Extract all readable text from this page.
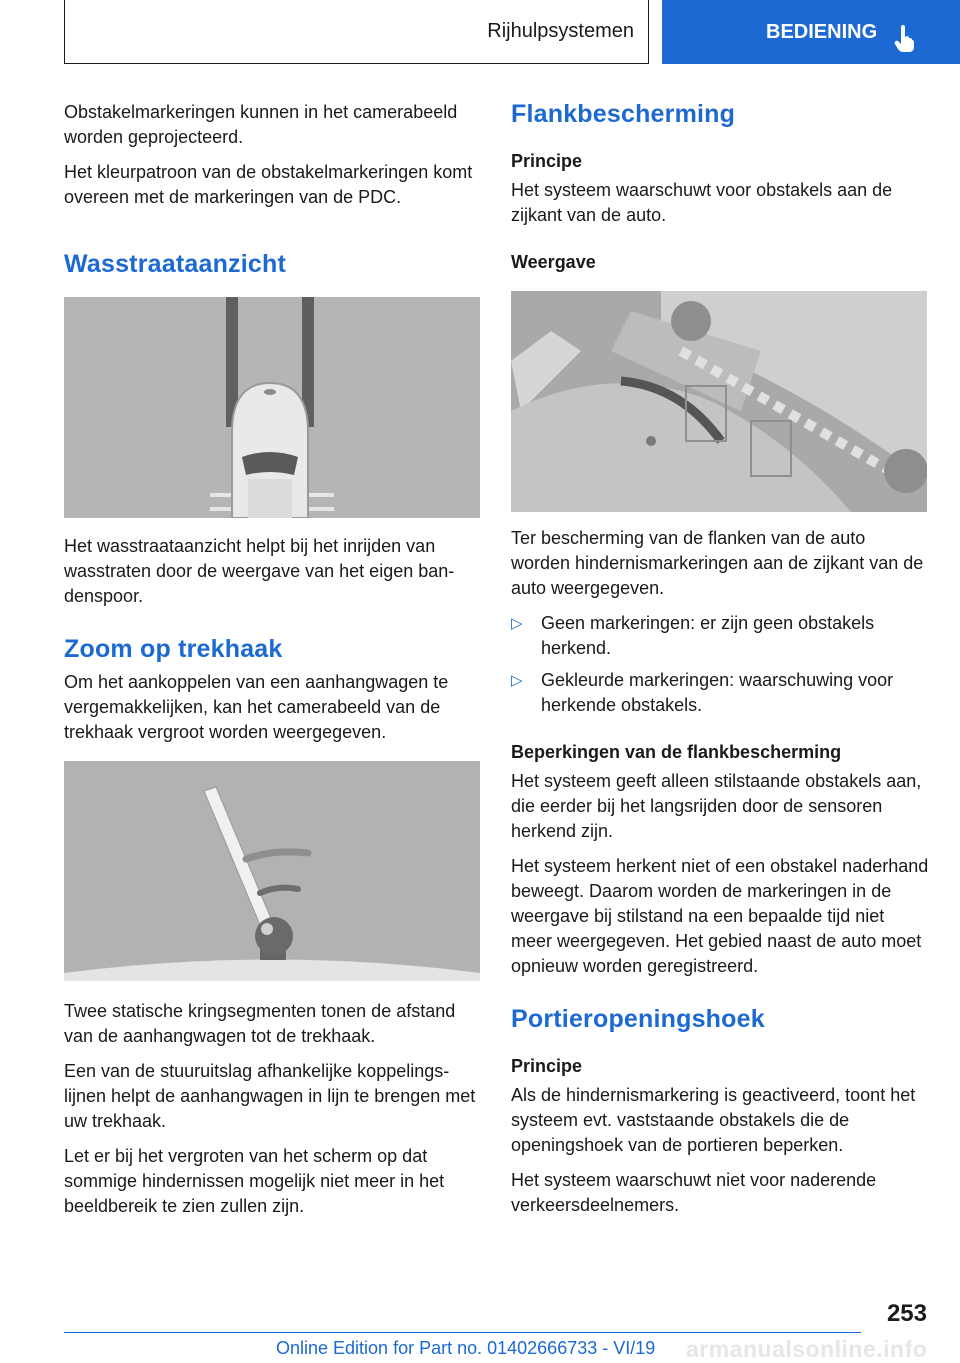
Rijhulpsystemen	BEDIENING

Obstakelmarkeringen kunnen in het camerabeeld worden geprojecteerd.

Het kleurpatroon van de obstakelmarkeringen komt overeen met de markeringen van de PDC.

Wasstraataanzicht

Het wasstraataanzicht helpt bij het inrijden van wasstraten door de weergave van het eigen bandenspoor.

Zoom op trekhaak

Om het aankoppelen van een aanhangwagen te vergemakkelijken, kan het camerabeeld van de trekhaak vergroot worden weergegeven.

Twee statische kringsegmenten tonen de afstand van de aanhangwagen tot de trekhaak.

Een van de stuuruitslag afhankelijke koppelingslijnen helpt de aanhangwagen in lijn te brengen met uw trekhaak.

Let er bij het vergroten van het scherm op dat sommige hindernissen mogelijk niet meer in het beeldbereik te zien zullen zijn.

Flankbescherming
Principe

Het systeem waarschuwt voor obstakels aan de zijkant van de auto.

Weergave

Ter bescherming van de flanken van de auto worden hindernismarkeringen aan de zijkant van de auto weergegeven.

▷ Geen markeringen: er zijn geen obstakels herkend.
▷ Gekleurde markeringen: waarschuwing voor herkende obstakels.
Beperkingen van de flankbescherming

Het systeem geeft alleen stilstaande obstakels aan, die eerder bij het langsrijden door de sensoren herkend zijn.

Het systeem herkent niet of een obstakel naderhand beweegt. Daarom worden de markeringen in de weergave bij stilstand na een bepaalde tijd niet meer weergegeven. Het gebied naast de auto moet opnieuw worden geregistreerd.

Portieropeningshoek
Principe

Als de hindernismarkering is geactiveerd, toont het systeem evt. vaststaande obstakels die de openingshoek van de portieren beperken.

Het systeem waarschuwt niet voor naderende verkeersdeelnemers.

253
armanualsonline.info
Online Edition for Part no. 01402666733 - VI/19
